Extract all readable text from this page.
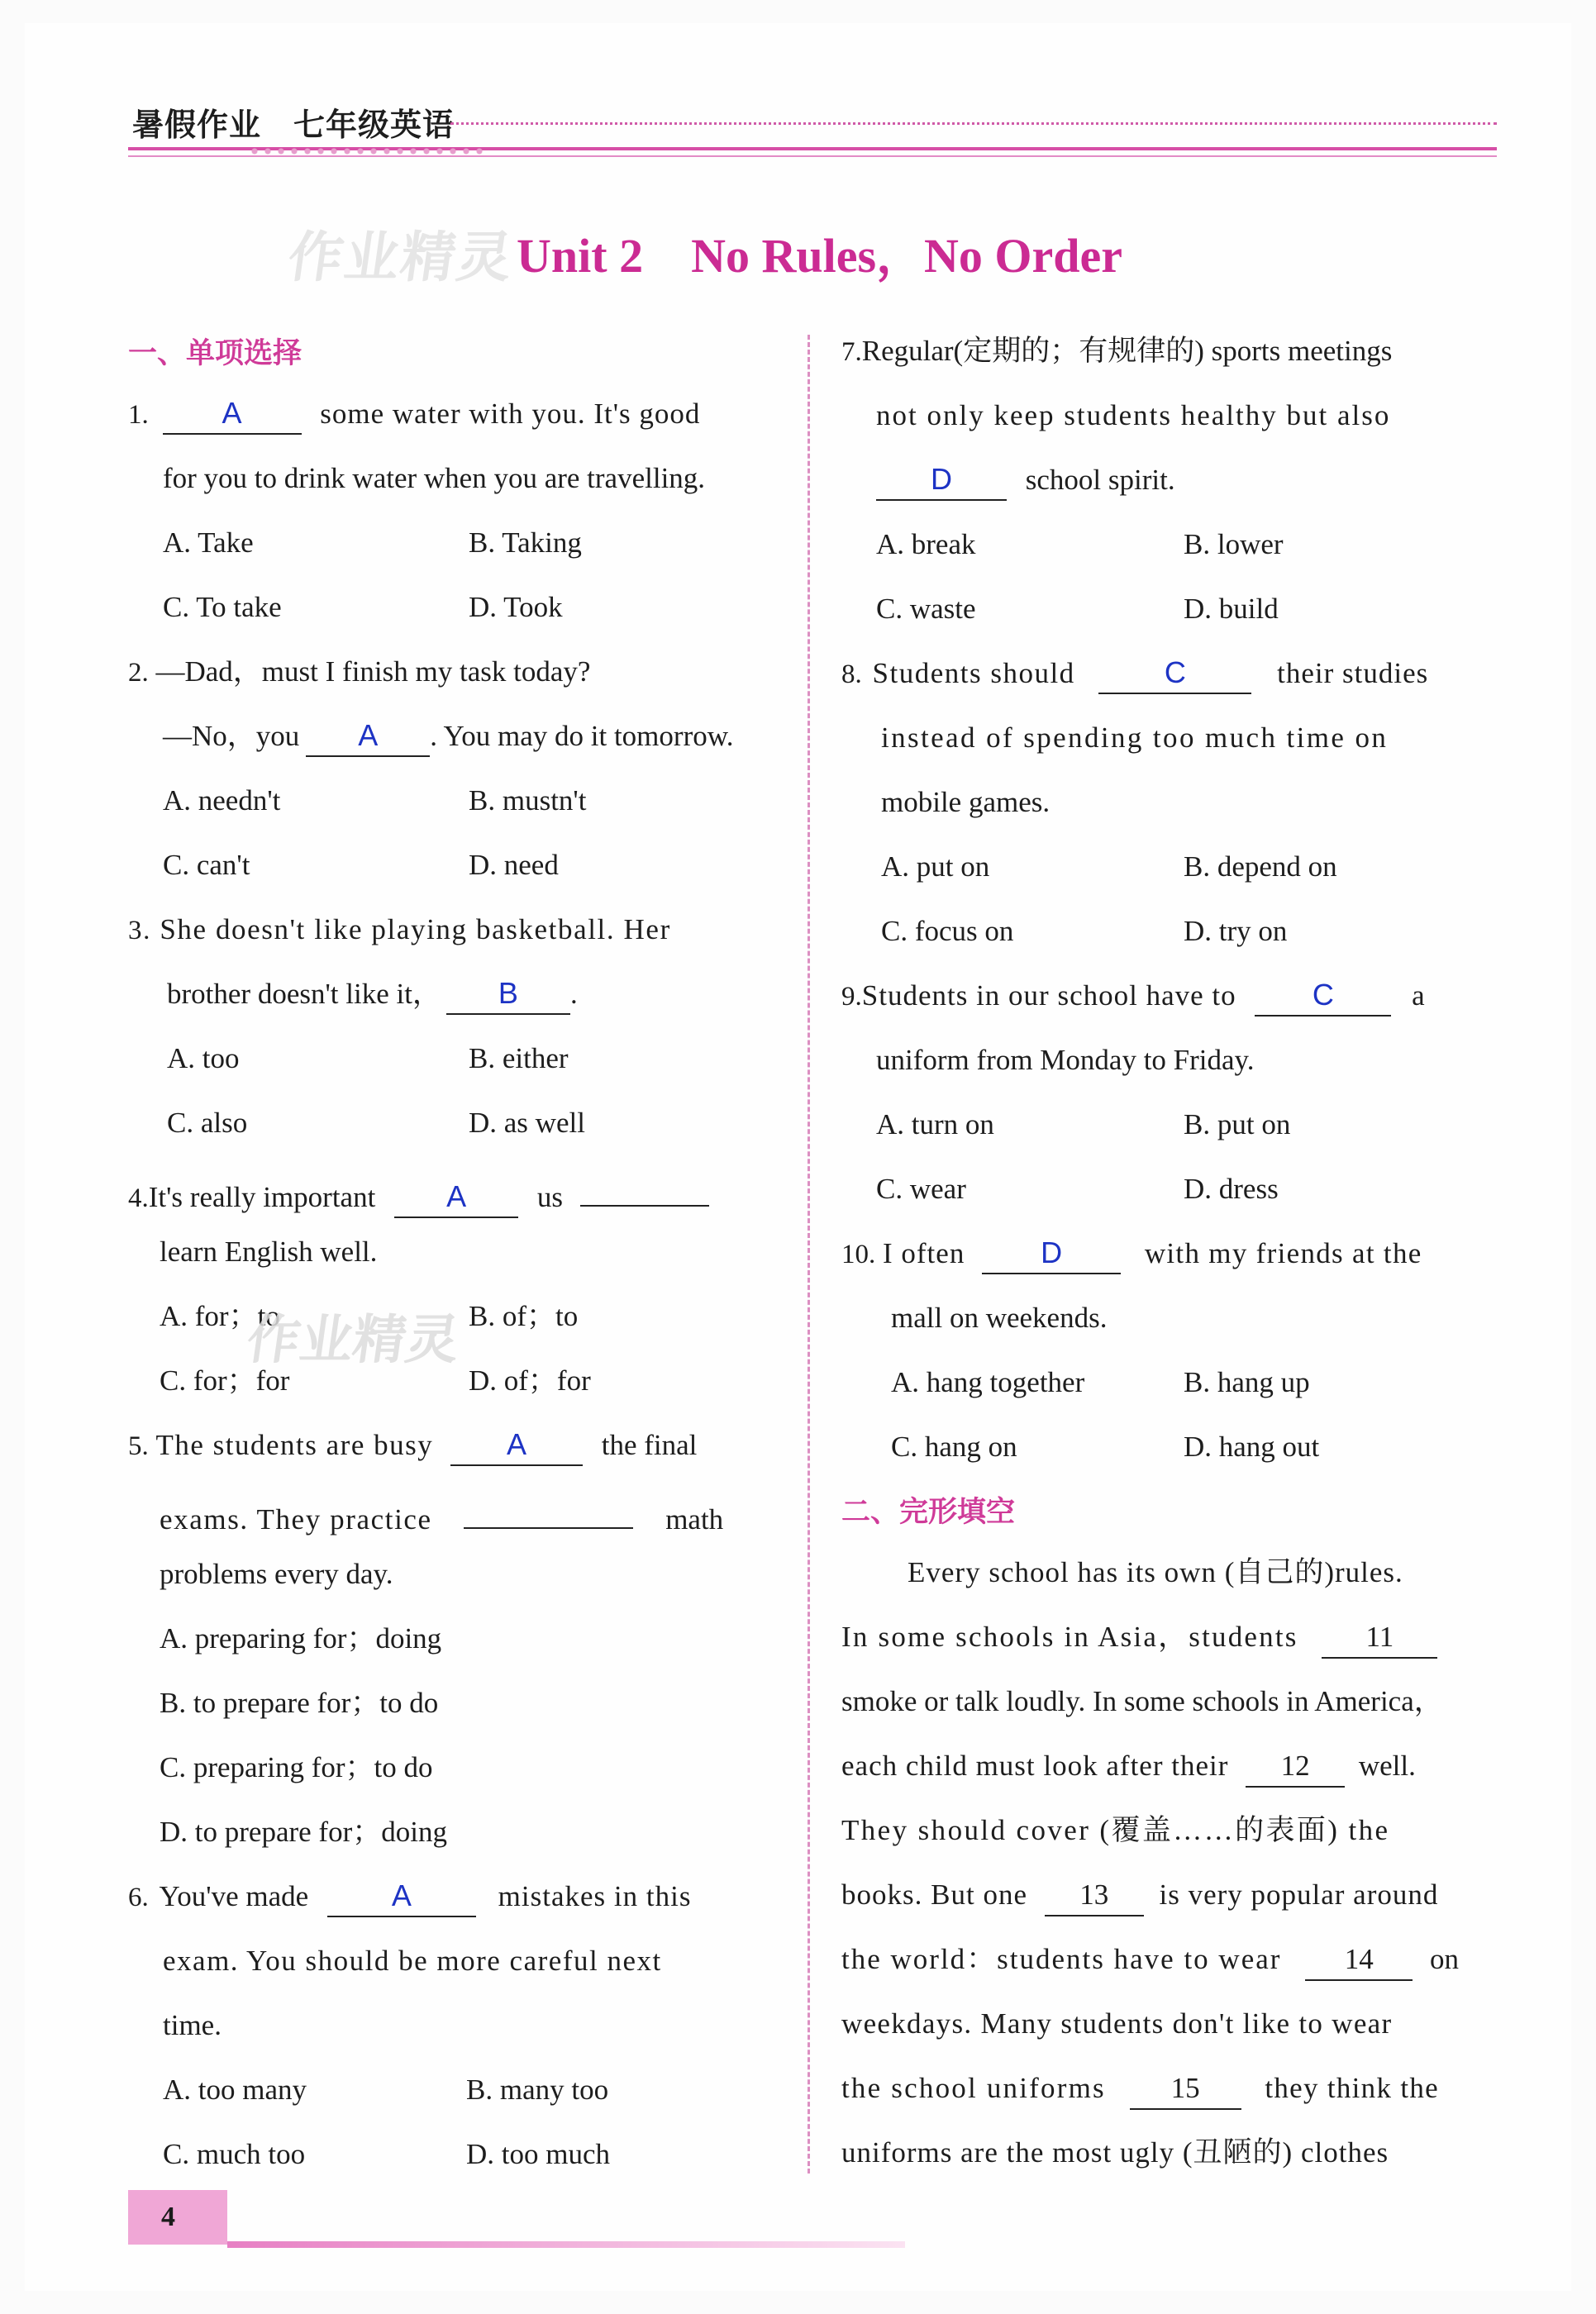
暑假作业　七年级英语
作业精灵
Unit 2　No Rules，No Order
一、单项选择
1. A	some water with you. It's good
for you to drink water when you are travelling.
A. Take	B. Taking
C. To take	D. Took
2. —Dad，must I finish my task today?
—No，you A . You may do it tomorrow.
A. needn't	B. mustn't
C. can't	D. need
3. She doesn't like playing basketball. Her
brother doesn't like it， B .
A. too	B. either
C. also	D. as well
4.It's really important A us
learn English well.
A. for；to	B. of；to
C. for；for	D. of；for
作业精灵
5. The students are busy A	the final
exams. They practice	math
problems every day.
A. preparing for；doing
B. to prepare for；to do
C. preparing for；to do
D. to prepare for；doing
6. You've made	A	mistakes in this
exam. You should be more careful next
time.
A. too many	B. many too
C. much too	D. too much
7.Regular(定期的；有规律的) sports meetings
not only keep students healthy but also
D	school spirit.
A. break	B. lower
C. waste	D. build
8. Students should	C	their studies
instead of spending too much time on
mobile games.
A. put on	B. depend on
C. focus on	D. try on
9.Students in our school have to	C	a
uniform from Monday to Friday.
A. turn on	B. put on
C. wear	D. dress
10. I often	D	with my friends at the
mall on weekends.
A. hang together	B. hang up
C. hang on	D. hang out
二、完形填空
Every school has its own (自己的)rules.
In some schools in Asia，students 11
smoke or talk loudly. In some schools in America，
each child must look after their 12 well.
They should cover (覆盖……的表面) the
books. But one 13 is very popular around
the world：students have to wear 14 on
weekdays. Many students don't like to wear
the school uniforms 15 they think the
uniforms are the most ugly (丑陋的) clothes
4
